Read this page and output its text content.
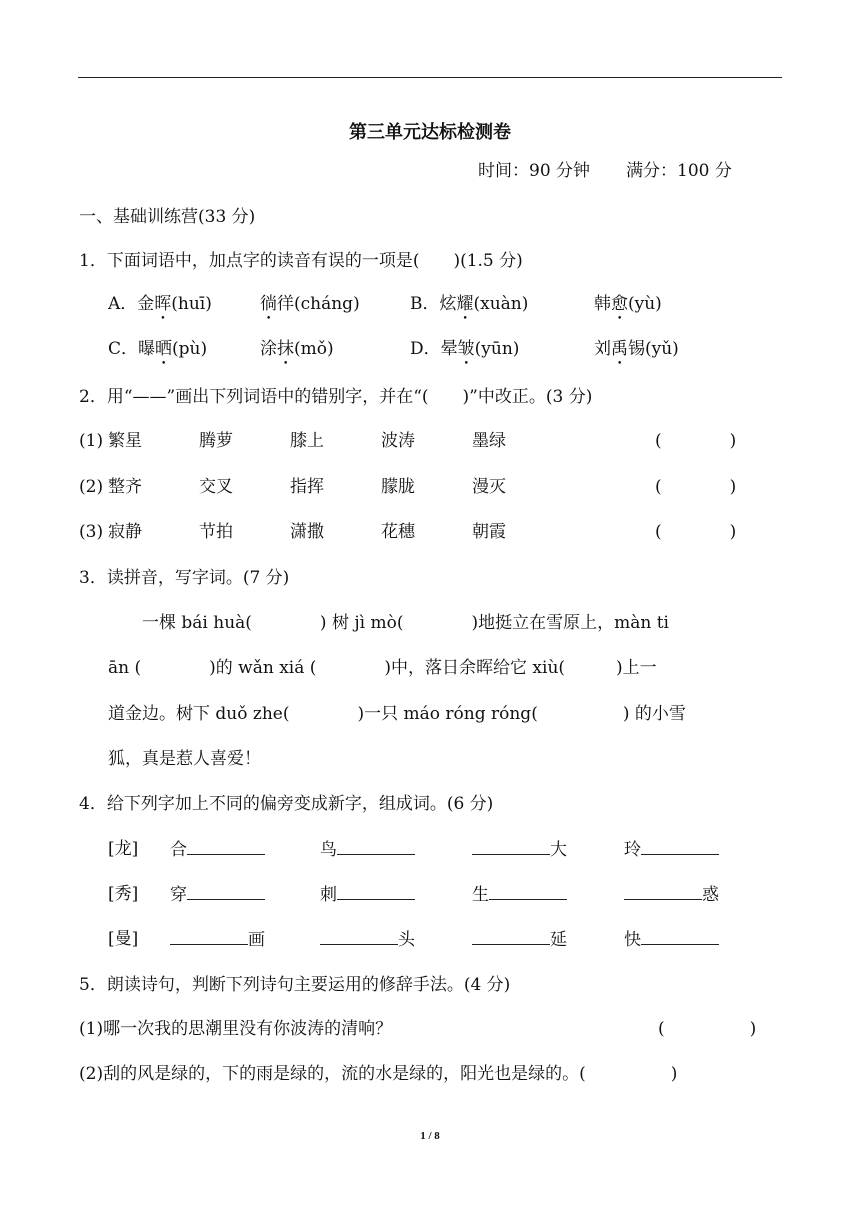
第三单元达标检测卷
时间：90 分钟 满分：100 分
一、基础训练营(33 分)
1．下面词语中，加点字的读音有误的一项是(　　)(1.5 分)
A．金晖(huī)	徜徉(cháng)	B．炫耀(xuàn)	韩愈(yù)
C．曝晒(pù)	涂抹(mǒ)	D．晕皱(yūn)	刘禹锡(yǔ)
2．用“——”画出下列词语中的错别字，并在“(　　)”中改正。(3 分)
(1) 繁星	腾萝	膝上	波涛	墨绿	(　　　　)
(2) 整齐	交叉	指挥	朦胧	漫灭	(　　　　)
(3) 寂静	节拍	潇撒	花穗	朝霞	(　　　　)
3．读拼音，写字词。(7 分)
　　一棵 bái huà(　　　　) 树 jì mò(　　　　)地挺立在雪原上，màn ti
ān (　　　　)的 wǎn xiá (　　　　)中，落日余晖给它 xiù(　　　)上一
道金边。树下 duǒ zhe(　　　　)一只 máo róng róng(　　　　　) 的小雪
狐，真是惹人喜爱！
4．给下列字加上不同的偏旁变成新字，组成词。(6 分)
[龙] 合	鸟	大	玲
[秀] 穿	刺	生	惑
[曼]	画	头	延	快
5．朗读诗句，判断下列诗句主要运用的修辞手法。(4 分)
(1)哪一次我的思潮里没有你波涛的清响？	(　　　　　)
(2)刮的风是绿的，下的雨是绿的，流的水是绿的，阳光也是绿的。(　　　　　)
1 / 8
